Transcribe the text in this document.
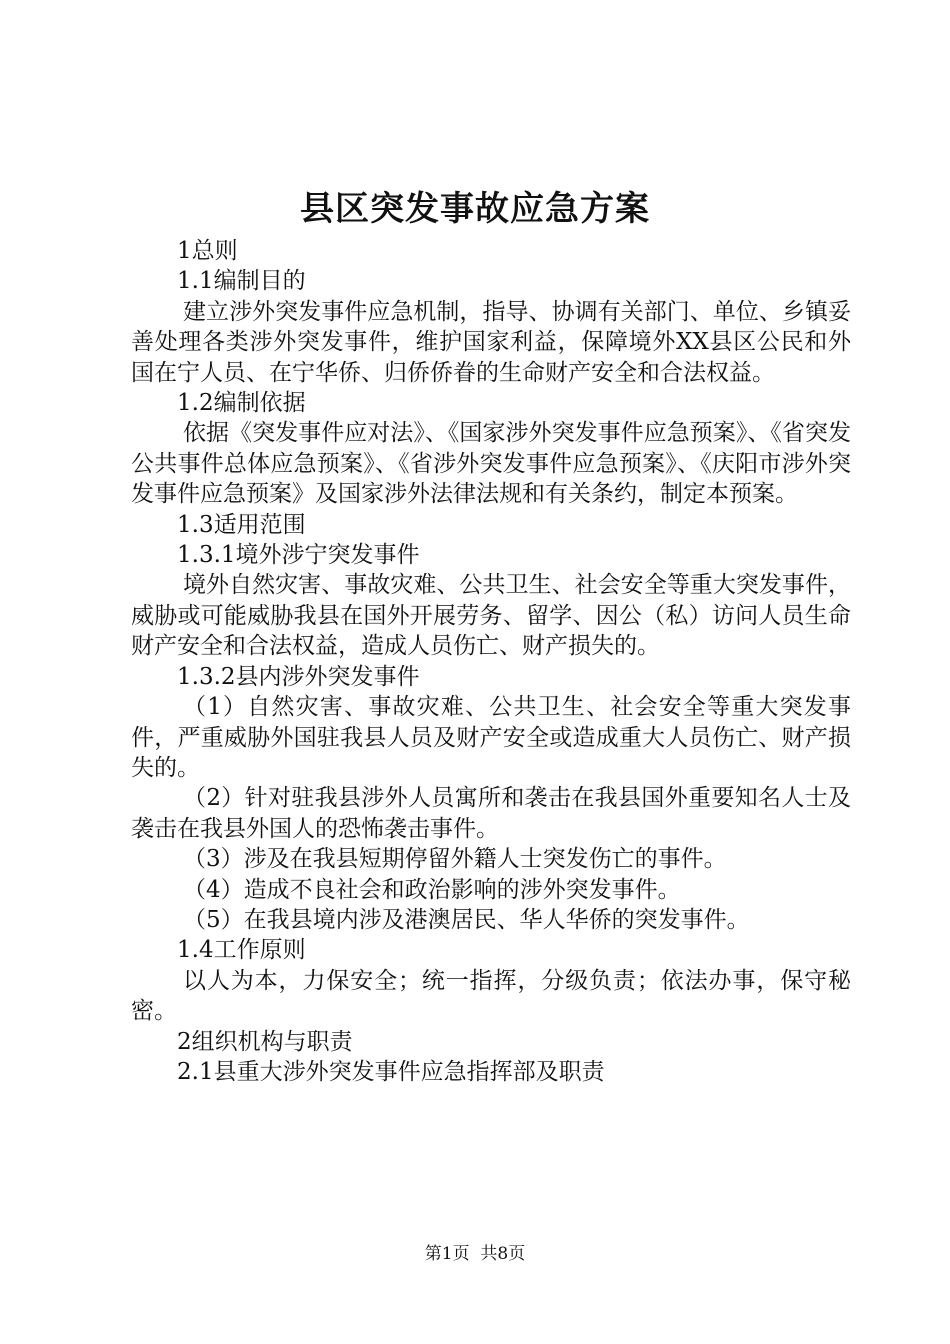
县区突发事故应急方案

1总则

1.1编制目的

建立涉外突发事件应急机制，指导、协调有关部门、单位、乡镇妥善处理各类涉外突发事件，维护国家利益，保障境外XX县区公民和外国在宁人员、在宁华侨、归侨侨眷的生命财产安全和合法权益。

1.2编制依据

依据《突发事件应对法》、《国家涉外突发事件应急预案》、《省突发公共事件总体应急预案》、《省涉外突发事件应急预案》、《庆阳市涉外突发事件应急预案》及国家涉外法律法规和有关条约，制定本预案。

1.3适用范围

1.3.1境外涉宁突发事件

境外自然灾害、事故灾难、公共卫生、社会安全等重大突发事件，威胁或可能威胁我县在国外开展劳务、留学、因公（私）访问人员生命财产安全和合法权益，造成人员伤亡、财产损失的。

1.3.2县内涉外突发事件

（1）自然灾害、事故灾难、公共卫生、社会安全等重大突发事件，严重威胁外国驻我县人员及财产安全或造成重大人员伤亡、财产损失的。

（2）针对驻我县涉外人员寓所和袭击在我县国外重要知名人士及袭击在我县外国人的恐怖袭击事件。

（3）涉及在我县短期停留外籍人士突发伤亡的事件。

（4）造成不良社会和政治影响的涉外突发事件。

（5）在我县境内涉及港澳居民、华人华侨的突发事件。

1.4工作原则

以人为本，力保安全；统一指挥，分级负责；依法办事，保守秘密。

2组织机构与职责

2.1县重大涉外突发事件应急指挥部及职责

第1页 共8页
